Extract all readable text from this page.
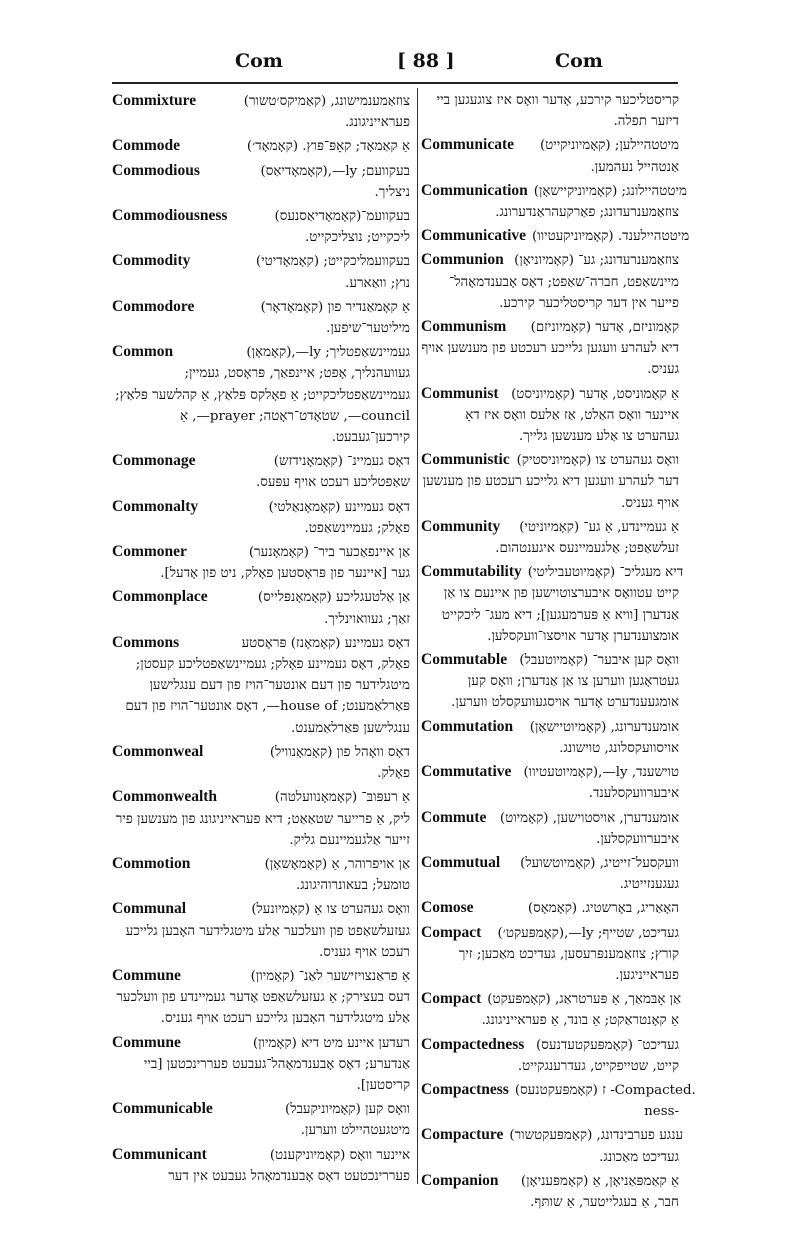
Com	[ 88 ]	Com
Commixture	צוזאַמענמישונג, (קאַמיקס׳טשור)
פעראייניגונג.
Commode	אַ קאַמאָד; קאָפּ־פּוץ. (קאָמאָד׳)
Commodious	בעקוועם; ly—,(קאָמאָדיאַס)
ניצליך.
Commodiousness	בעקוועמ־(קאָמאָדיאַסנעס)
ליכקייט; נוצליכקייט.
Commodity	בעקוועמליכקייט; (קאָמאָדיטי)
נוץ; וואַארע.
Commodore	אַ קאָמאַנדיר פון (קאָמאָדאָר)
מיליטער־שיפען.
Common	געמיינשאַפטליך; ly—,(קאָמאָן)
געוועהנליך, אָפט; איינפאַך, פּראָסט, געמיין; געמיינשאַפטליכקייט; אַ פאָלקס פּלאַץ, אַ קהלשער פּלאַץ; council—, שטאָדט־ראָטה; prayer—, אַ קירכען־געבעט.
Commonage	דאָס געמיינ־ (קאָמאָנידזש)
שאַפטליכע רעכט אויף עפּעס.
Commonalty	דאָס געמיינע (קאָמאָנאַלטי)
פאָלק; געמיינשאַפט.
Commoner	אַן איינפאַכער ביר־ (קאָמאָנער)
גער [איינער פון פּראָסטען פאָלק, ניט פון אָדעל].
Commonplace	אַן אַלטעגליכע (קאָמאָנפּלייס)
זאַך; געוואוינליך.
Commons	דאָס געמיינע (קאָמאָנז) פּראָסטע
פאָלק, דאָס געמיינע פאָלק; געמיינשאַפטליכע קעסטן; מיטגלידער פון דעם אונטער־הויז פון דעם ענגלישען פּאַרלאַמענט; house of—, דאָס אונטער־הויז פון דעם ענגלישען פּאַרלאַמענט.
Commonweal	דאָס וואָהל פון (קאָמאָנוויל)
פאָלק.
Commonwealth	אַ רעפּובּ־ (קאָמאָנוועלטה)
ליק, אַ פרייער שטאַאַט; דיא פעראייניגונג פון מענשען פיר זייער אַלגעמיינעם גליק.
Commotion	אַן אויפרוהר, אַ (קאָמאָשאָן)
טומעל; בעאונרוהיגונג.
Communal	וואָס געהערט צו אַ (קאָמיונעל)
געזעלשאַפט פון וועלכער אַלע מיטגלידער האָבען גלייכע רעכט אויף געניס.
Commune	אַ פראַנצויזישער לאַנ־ (קאָמיון)
דעס בעצירק; אַ געזעלשאַפט אָדער געמיינדע פון וועלכער אַלע מיטגלידער האָבען גלייכע רעכט אויף געניס.
Commune	רעדען איינע מיט דיא (קאָמיון)
אַנדערע; דאָס אָבענדמאָהל־געבעט פעררינכטען [ביי קריסטען].
Communicable	וואָס קען (קאָמיוניקעבל)
מיטגעטהיילט ווערען.
Communicant	איינער וואָס (קאָמיוניקענט)
פעררינכטעט דאָס אָבענדמאָהל געבעט אין דער
קריסטליכער קירכע, אָדער וואָס איז צוגעגען ביי דיזער תפלה.
Communicate מיטטהיילען; (קאָמיוניקייט)
אַנטהייל נעהמען.
Communication מיטטהיילונג; (קאָמיוניקיישאָן)
צוזאַמענרעדונג; פאַרקעהראַנדערונג.
Communicative מיטטהיילענד. (קאָמיוניקעטיוו)
Communion צוזאַמענרעדונג; גע־ (קאָמיוניאָן)
מיינשאַפט, חברה־שאַפט; דאָס אָבענדמאָהל־ פייער אין דער קריסטליכער קירכע.
Communism קאָמוניזם, אָדער (קאָמיוניזם)
דיא לעהרע וועגען גלייכע רעכטע פון מענשען אויף געניס.
Communist אַ קאָמוניסט, אָדער (קאָמיוניסט)
איינער וואָס האַלט, אַז אַלעס וואָס איז דאָ געהערט צו אַלע מענשען גלייך.
Communistic וואָס געהערט צו (קאָמיוניסטיק)
דער לעהרע וועגען דיא גלייכע רעכטע פון מענשען אויף געניס.
Community אַ געמיינדע, אַ גע־ (קאָמיוניטי)
זעלשאַפט; אַלגעמיינעס איגענטהום.
Commutability דיא מעגליכ־ (קאָמיוטעביליטי)
קייט עטוואָס איבערצוטוישען פון איינעם צו אַן אַנדערן [וויא אַ פּערמעגען]; דיא מעג־ ליכקייט אומצוענדערן אָדער אויסצו־וועקסלען.
Commutable וואָס קען איבער־ (קאָמיוטעבל)
געטראָגען ווערען צו אַן אַנדערן; וואָס קען אומגעענדערט אָדער אויסגעוועקסלט ווערען.
Commutation אומענדערונג, (קאָמיוטיישאָן)
אויסוועקסלונג, טוישונג.
Commutative טוישענד, ly—,(קאָמיוטעטיוו)
איבערוועקסלענד.
Commute אומענדערן, אויסטוישען, (קאָמיוט)
איבערוועקסלען.
Commutual וועקסעל־זייטיג, (קאָמיוטשועל)
געגענזייטיג.
Comose	האָאַריג, באָרשטיג. (קאָמאָס)
Compact געדיכט, שטייף; ly—,(קאָמפּעקט׳)
קורץ; צוזאַמענפּרעסען, געדיכט מאַכען; זיך פעראייניגען.
Compact אַן אָבּמאַך, אַ פּערטראַג, (קאָמפּעקט)
אַ קאָנטראַקט; אַ בונד, אַ פעראייניגונג.
Compactedness געדיכט־ (קאָמפּעקטעדנעס)
קייט, שטייפקייט, געדרענגקייט.
Compactness .Compacted- ז (קאָמפּעקטנעס)
-ness
Compacture ענגע פערבינדונג, (קאָמפּעקטשור)
געדיכט מאַכונג.
Companion אַ קאַמפּאַניאָן, אַ (קאָמפּעניאָן)
חבר, אַ בעגלייטער, אַ שותּף.
